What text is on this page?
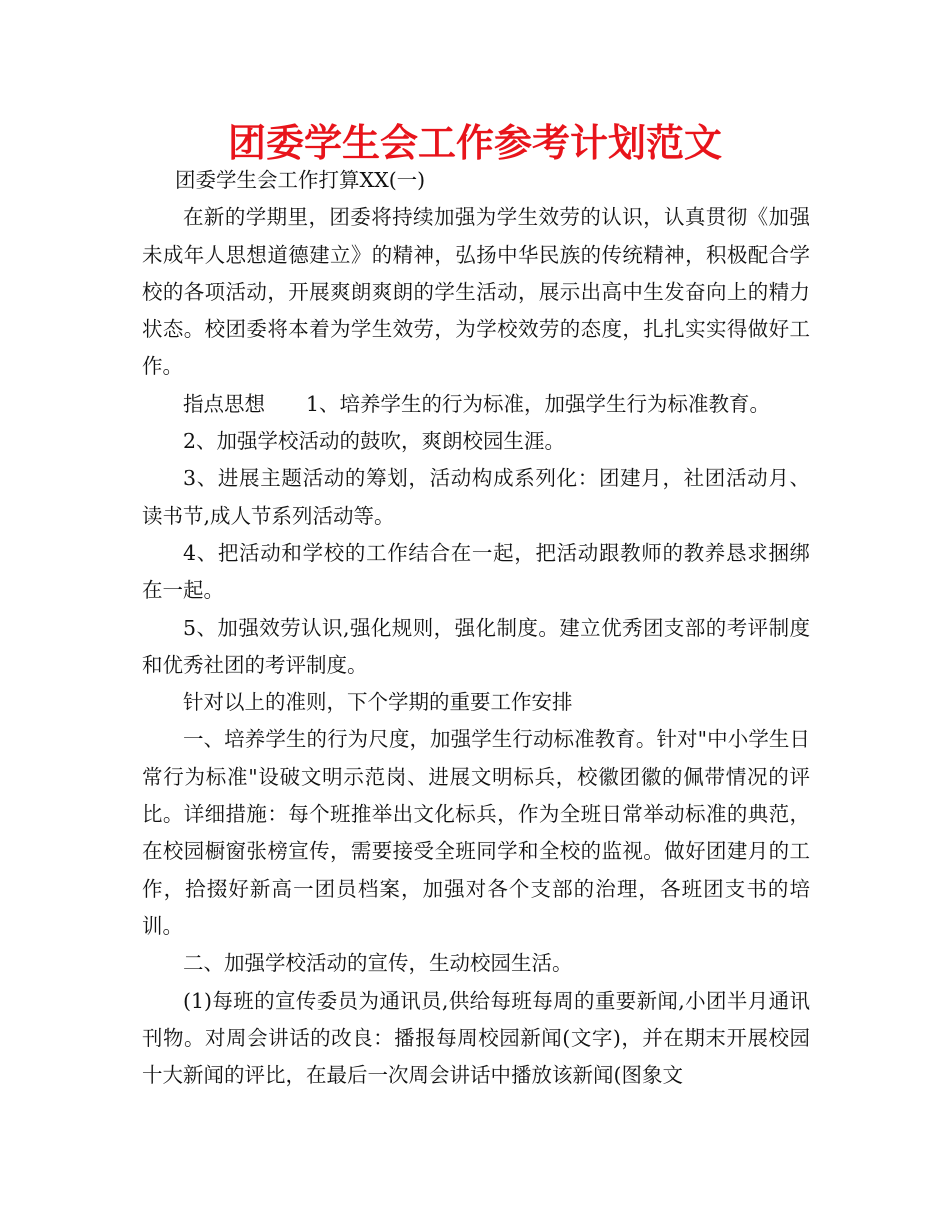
团委学生会工作参考计划范文

团委学生会工作打算XX(一)

在新的学期里，团委将持续加强为学生效劳的认识，认真贯彻《加强未成年人思想道德建立》的精神，弘扬中华民族的传统精神，积极配合学校的各项活动，开展爽朗爽朗的学生活动，展示出高中生发奋向上的精力状态。校团委将本着为学生效劳，为学校效劳的态度，扎扎实实得做好工作。

指点思想　　1、培养学生的行为标准，加强学生行为标准教育。

2、加强学校活动的鼓吹，爽朗校园生涯。

3、进展主题活动的筹划，活动构成系列化：团建月，社团活动月、读书节,成人节系列活动等。

4、把活动和学校的工作结合在一起，把活动跟教师的教养恳求捆绑在一起。

5、加强效劳认识,强化规则，强化制度。建立优秀团支部的考评制度和优秀社团的考评制度。

针对以上的准则，下个学期的重要工作安排

一、培养学生的行为尺度，加强学生行动标准教育。针对"中小学生日常行为标准"设破文明示范岗、进展文明标兵，校徽团徽的佩带情况的评比。详细措施：每个班推举出文化标兵，作为全班日常举动标准的典范，在校园橱窗张榜宣传，需要接受全班同学和全校的监视。做好团建月的工作，拾掇好新高一团员档案，加强对各个支部的治理，各班团支书的培训。

二、加强学校活动的宣传，生动校园生活。

(1)每班的宣传委员为通讯员,供给每班每周的重要新闻,小团半月通讯刊物。对周会讲话的改良：播报每周校园新闻(文字)，并在期末开展校园十大新闻的评比，在最后一次周会讲话中播放该新闻(图象文
